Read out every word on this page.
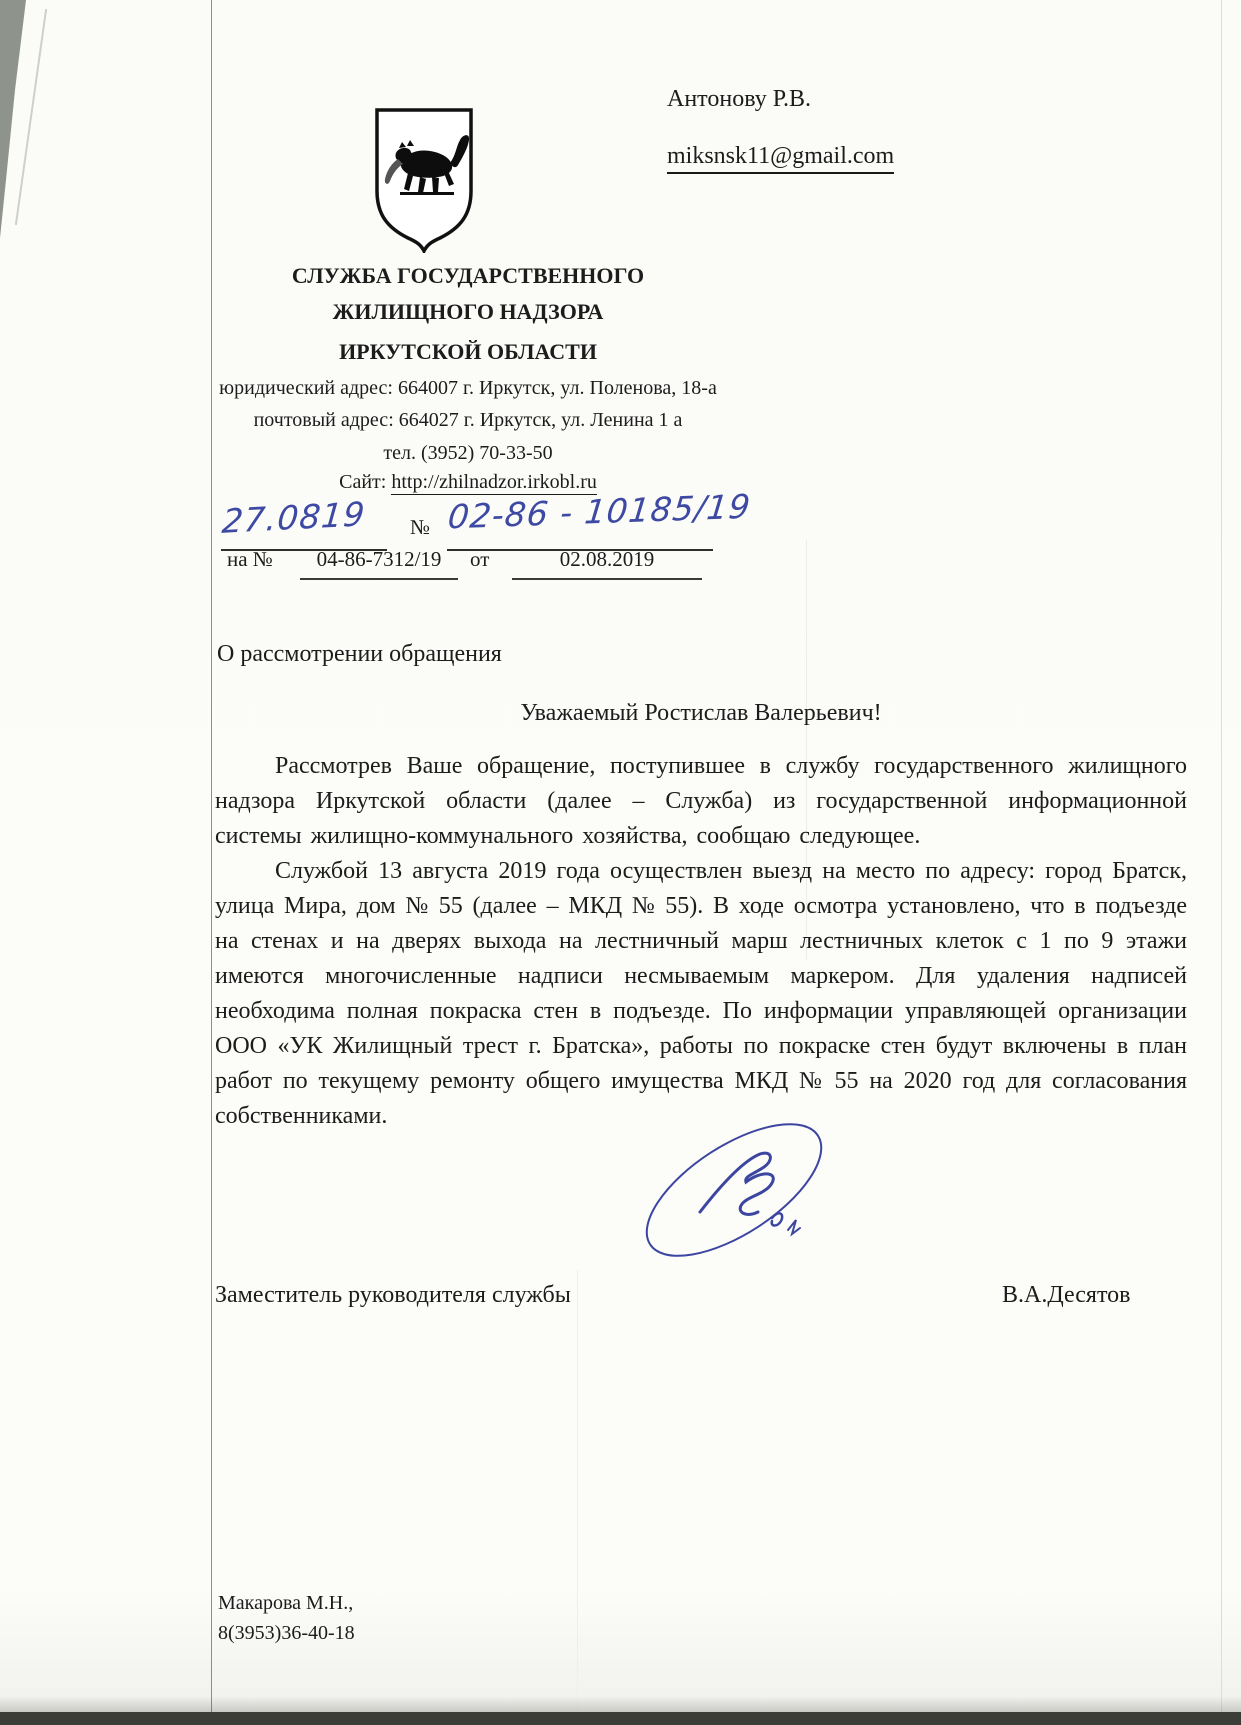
Антонову Р.В.
miksnsk11@gmail.com
СЛУЖБА ГОСУДАРСТВЕННОГО
ЖИЛИЩНОГО НАДЗОРА
ИРКУТСКОЙ ОБЛАСТИ
юридический адрес: 664007 г. Иркутск, ул. Поленова, 18-а
почтовый адрес: 664027 г. Иркутск, ул. Ленина 1 а
тел. (3952) 70-33-50
Сайт: http://zhilnadzor.irkobl.ru
27.0819 № 02-86 - 10185/19
на №	04-86-7312/19	от	02.08.2019
О рассмотрении обращения
Уважаемый Ростислав Валерьевич!

Рассмотрев Ваше обращение, поступившее в службу государственного жилищного надзора Иркутской области (далее – Служба) из государственной информационной системы жилищно-коммунального хозяйства, сообщаю следующее.

Службой 13 августа 2019 года осуществлен выезд на место по адресу: город Братск, улица Мира, дом № 55 (далее – МКД № 55). В ходе осмотра установлено, что в подъезде на стенах и на дверях выхода на лестничный марш лестничных клеток с 1 по 9 этажи имеются многочисленные надписи несмываемым маркером. Для удаления надписей необходима полная покраска стен в подъезде. По информации управляющей организации ООО «УК Жилищный трест г. Братска», работы по покраске стен будут включены в план работ по текущему ремонту общего имущества МКД № 55 на 2020 год для согласования собственниками.

Заместитель руководителя службы	В.А.Десятов
Макарова М.Н.,
8(3953)36-40-18
